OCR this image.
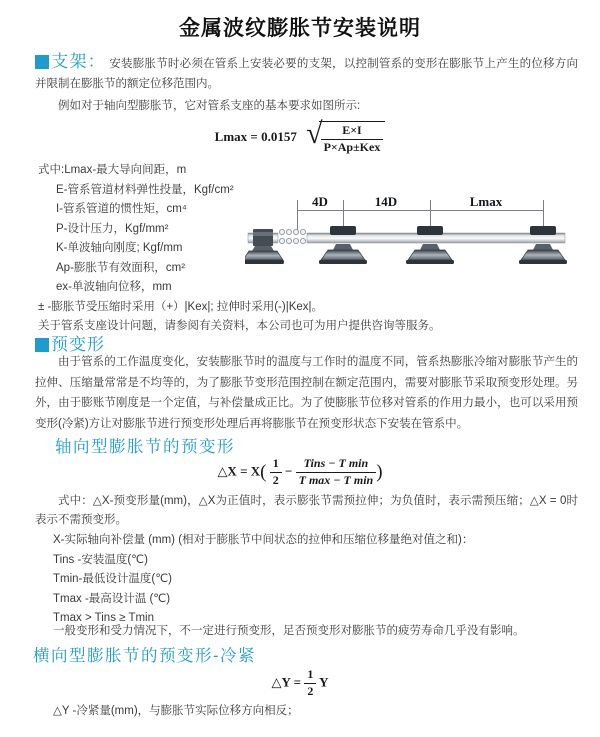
金属波纹膨胀节安装说明
支架： 安装膨胀节时必须在管系上安装必要的支架，以控制管系的变形在膨胀节上产生的位移方向并限制在膨胀节的额定位移范围内。
例如对于轴向型膨胀节，它对管系支座的基本要求如图所示:
Lmax = 0.0157 √
$\frac{E\times I}{\text{P×Ap±Kex}}$
式中:Lmax-最大导向间距，m
E-管系管道材料弹性投量，Kgf/cm²
I-管系管道的惯性矩，cm⁴
P-设计压力，Kgf/mm²
K-单波轴向刚度; Kgf/mm
Ap-膨胀节有效面积，cm²
ex-单波轴向位移，mm
± -膨胀节受压缩时采用（+）|Kex|; 拉伸时采用(-)|Kex|。
关于管系支座设计问题，请参阅有关资料，本公司也可为用户提供咨询等服务。
4D	14D	Lmax
预变形
由于管系的工作温度变化，安装膨胀节时的温度与工作时的温度不同，管系热膨胀冷缩对膨胀节产生的拉伸、压缩量常常是不均等的，为了膨胀节变形范围控制在额定范围内，需要对膨胀节采取预变形处理。另外，由于膨账节刚度是一个定值，与补偿量成正比。为了使膨胀节位移对管系的作用力最小，也可以采用预变形(冷紧)方让对膨胀节进行预变形处理后再将膨胀节在预变形状态下安装在管系中。
轴向型膨胀节的预变形
△X = $X( \frac{1}{2} - \frac{\text{Tins − T min}}{\text{T max − T min}}$ )
式中：△X-预变形量(mm)，△X为正值时，表示膨张节需预拉伸；为负值时，表示需预压缩；△X = 0时表示不需预变形。
X-实际轴向补偿量 (mm) (相对于膨胀节中间状态的拉伸和压缩位移量绝对值之和)：
Tins -安装温度(℃)
Tmin-最低设计温度(℃)
Tmax -最高设计温 (℃)
Tmax > Tins ≥ Tmin
一般变形和受力情况下，不一定进行预变形，足否预变形对膨胀节的疲劳寿命几乎没有影响。
横向型膨胀节的预变形-冷紧
△Y = $\frac{1}{2}$ Y
△Y -冷紧量(mm)，与膨胀节实际位移方向相反；
